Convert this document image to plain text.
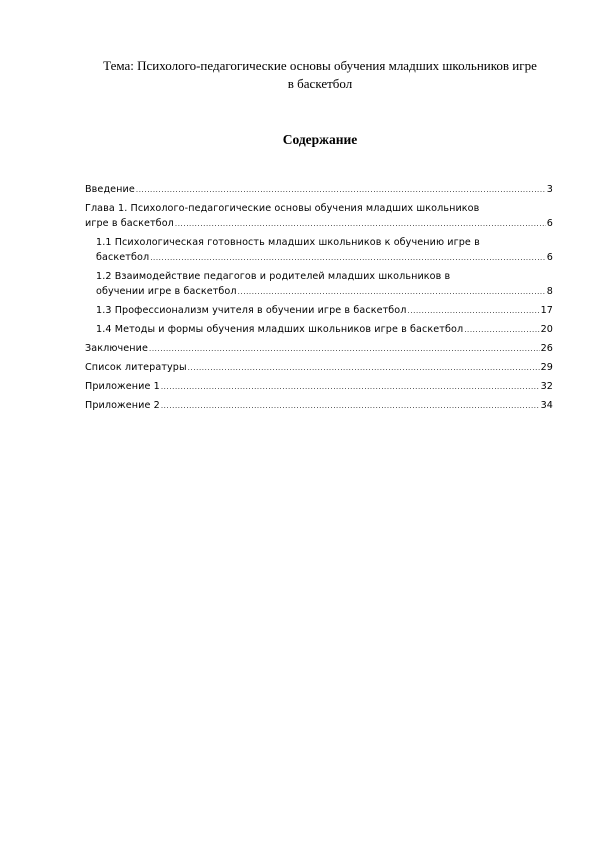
Тема: Психолого-педагогические основы обучения младших школьников игре
в баскетбол
Содержание
Введение .....	3
Глава 1. Психолого-педагогические основы обучения младших школьников
игре в баскетбол .....	6
1.1 Психологическая готовность младших школьников к обучению игре в
баскетбол .....	6
1.2 Взаимодействие педагогов и родителей младших школьников в
обучении игре в баскетбол .....	8
1.3 Профессионализм учителя в обучении игре в баскетбол .....	17
1.4 Методы и формы обучения младших школьников игре в баскетбол .....	20
Заключение .....	26
Список литературы .....	29
Приложение 1 .....	32
Приложение 2 .....	34
